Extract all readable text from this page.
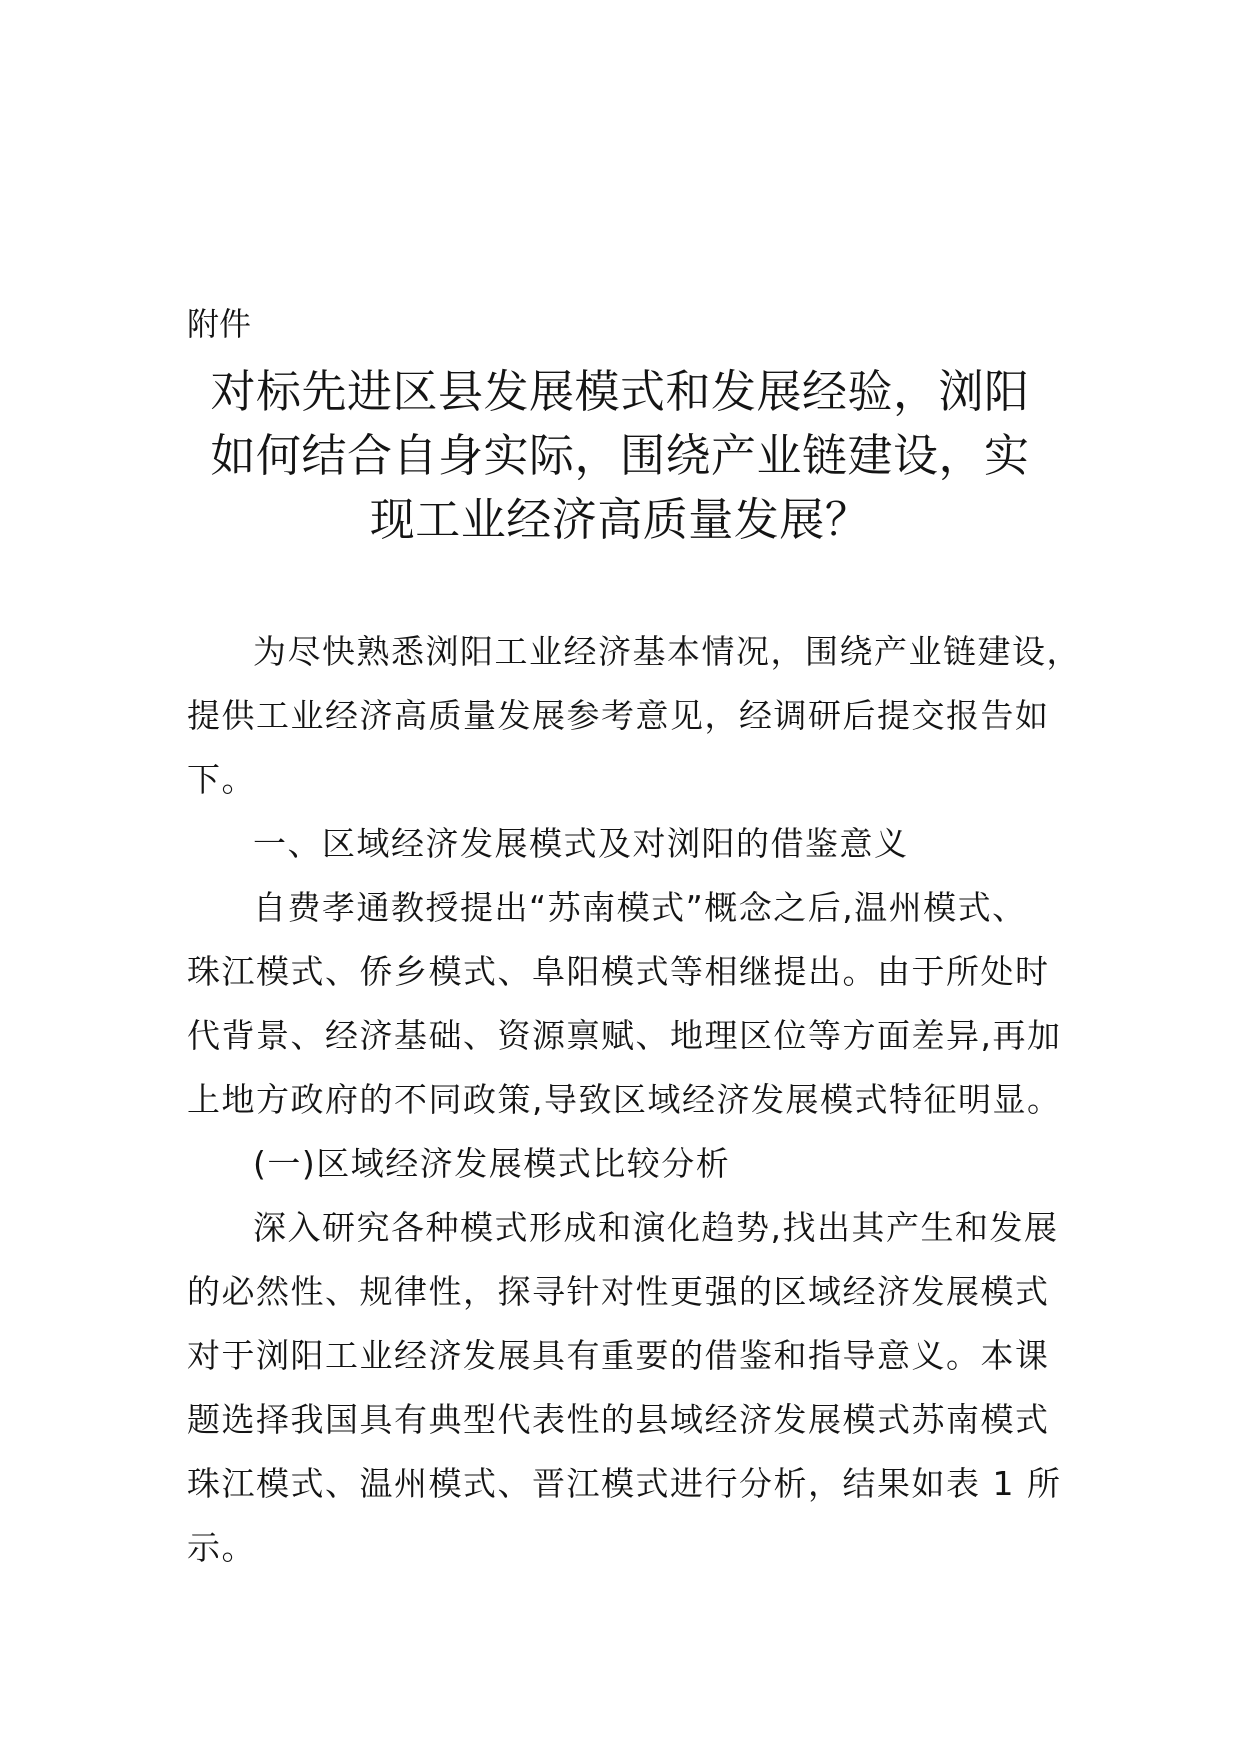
附件
对标先进区县发展模式和发展经验，浏阳
如何结合自身实际，围绕产业链建设，实
现工业经济高质量发展？

为尽快熟悉浏阳工业经济基本情况，围绕产业链建设，
提供工业经济高质量发展参考意见，经调研后提交报告如
下。

一、区域经济发展模式及对浏阳的借鉴意义

自费孝通教授提出“苏南模式”概念之后,温州模式、
珠江模式、侨乡模式、阜阳模式等相继提出。由于所处时
代背景、经济基础、资源禀赋、地理区位等方面差异,再加
上地方政府的不同政策,导致区域经济发展模式特征明显。

(一)区域经济发展模式比较分析

深入研究各种模式形成和演化趋势,找出其产生和发展
的必然性、规律性，探寻针对性更强的区域经济发展模式
对于浏阳工业经济发展具有重要的借鉴和指导意义。本课
题选择我国具有典型代表性的县域经济发展模式苏南模式
珠江模式、温州模式、晋江模式进行分析，结果如表 1 所
示。
